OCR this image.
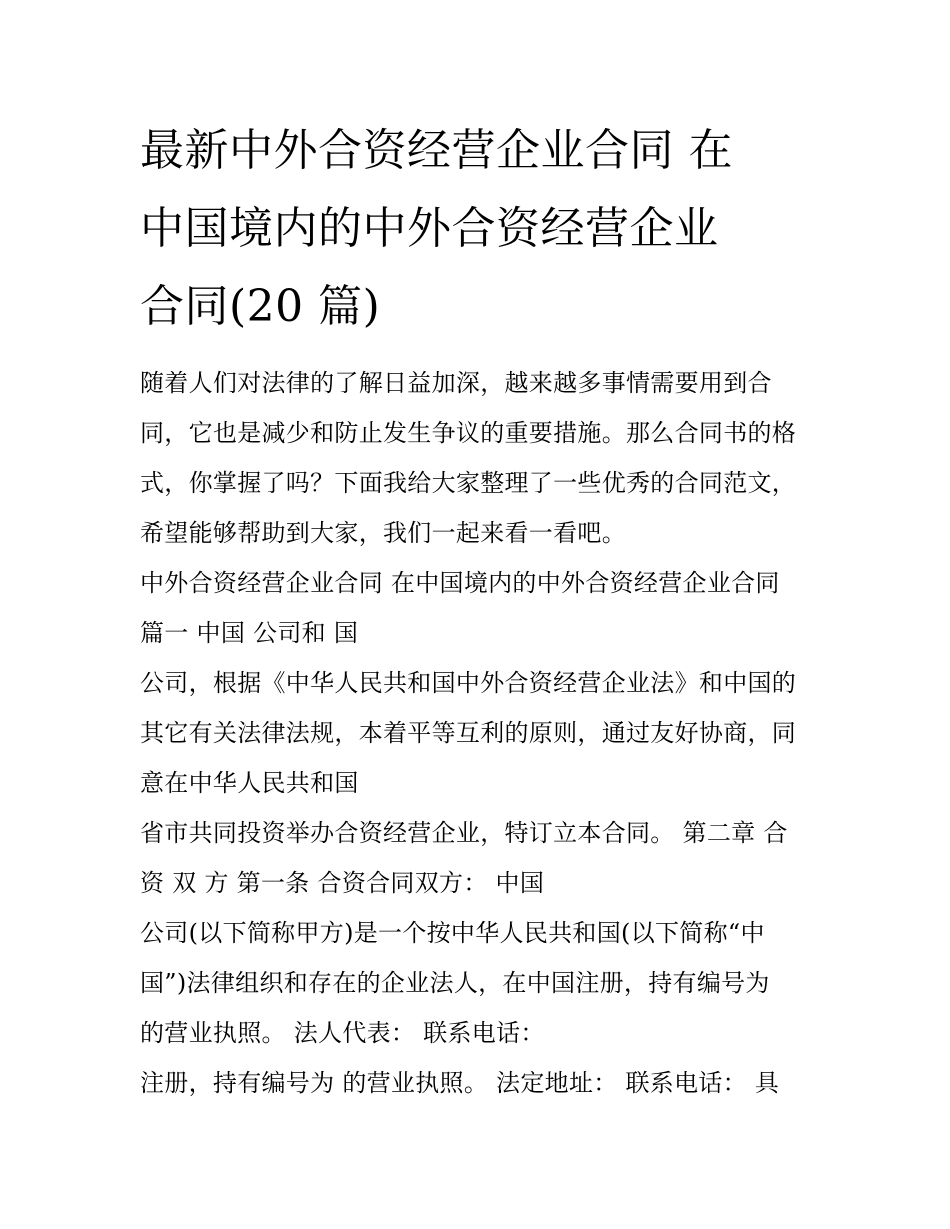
最新中外合资经营企业合同 在
中国境内的中外合资经营企业
合同(20 篇)
随着人们对法律的了解日益加深，越来越多事情需要用到合
同，它也是减少和防止发生争议的重要措施。那么合同书的格
式，你掌握了吗？下面我给大家整理了一些优秀的合同范文，
希望能够帮助到大家，我们一起来看一看吧。
中外合资经营企业合同 在中国境内的中外合资经营企业合同
篇一 中国 公司和 国
公司，根据《中华人民共和国中外合资经营企业法》和中国的
其它有关法律法规，本着平等互利的原则，通过友好协商，同
意在中华人民共和国
省市共同投资举办合资经营企业，特订立本合同。 第二章 合
资 双 方 第一条 合资合同双方： 中国
公司(以下简称甲方)是一个按中华人民共和国(以下简称“中
国”)法律组织和存在的企业法人，在中国注册，持有编号为
的营业执照。 法人代表： 联系电话：
注册，持有编号为 的营业执照。 法定地址： 联系电话： 具
